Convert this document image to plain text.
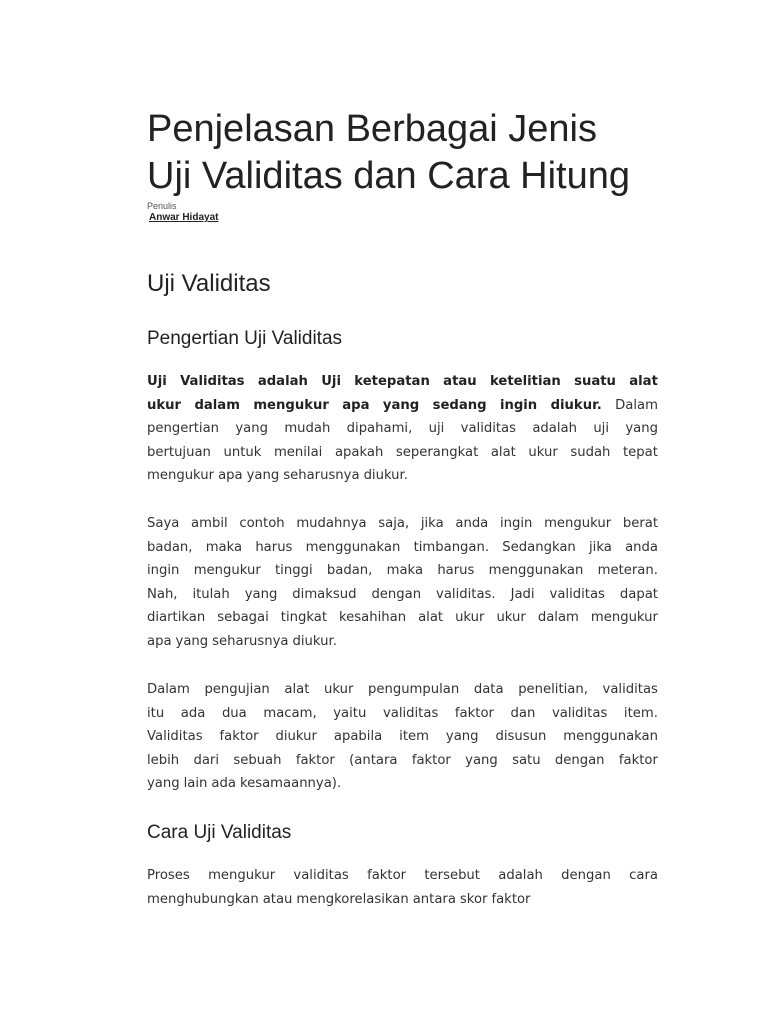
Penjelasan Berbagai Jenis
Uji Validitas dan Cara Hitung
Penulis
Anwar Hidayat
Uji Validitas
Pengertian Uji Validitas
Uji Validitas adalah Uji ketepatan atau ketelitian suatu alat
ukur dalam mengukur apa yang sedang ingin diukur. Dalam
pengertian yang mudah dipahami, uji validitas adalah uji yang
bertujuan untuk menilai apakah seperangkat alat ukur sudah tepat
mengukur apa yang seharusnya diukur.
Saya ambil contoh mudahnya saja, jika anda ingin mengukur berat
badan, maka harus menggunakan timbangan. Sedangkan jika anda
ingin mengukur tinggi badan, maka harus menggunakan meteran.
Nah, itulah yang dimaksud dengan validitas. Jadi validitas dapat
diartikan sebagai tingkat kesahihan alat ukur ukur dalam mengukur
apa yang seharusnya diukur.
Dalam pengujian alat ukur pengumpulan data penelitian, validitas
itu ada dua macam, yaitu validitas faktor dan validitas item.
Validitas faktor diukur apabila item yang disusun menggunakan
lebih dari sebuah faktor (antara faktor yang satu dengan faktor
yang lain ada kesamaannya).
Cara Uji Validitas
Proses mengukur validitas faktor tersebut adalah dengan cara
menghubungkan atau mengkorelasikan antara skor faktor
